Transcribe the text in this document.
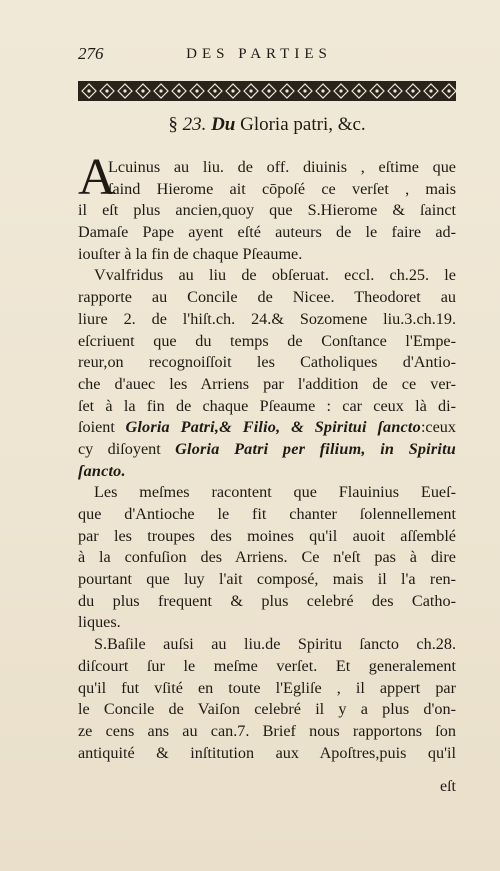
276	DES PARTIES
§ 23. Du Gloria patri, &c.
A
Lcuinus au liu. de off. diuinis , eſtime que
ſaind Hierome ait cōpoſé ce verſet , mais
il eſt plus ancien,quoy que S.Hierome & ſainct
Damaſe Pape ayent eſté auteurs de le faire ad-
iouſter à la fin de chaque Pſeaume.
Vvalfridus au liu de obſeruat. eccl. ch.25. le
rapporte au Concile de Nicee. Theodoret au
liure 2. de l'hiſt.ch. 24.& Sozomene liu.3.ch.19.
eſcriuent que du temps de Conſtance l'Empe-
reur,on recognoiſſoit les Catholiques d'Antio-
che d'auec les Arriens par l'addition de ce ver-
ſet à la fin de chaque Pſeaume : car ceux là di-
ſoient Gloria Patri,& Filio, & Spiritui ſancto:ceux
cy diſoyent Gloria Patri per filium, in Spiritu
ſancto.
Les meſmes racontent que Flauinius Eueſ-
que d'Antioche le fit chanter ſolennellement
par les troupes des moines qu'il auoit aſſemblé
à la confuſion des Arriens. Ce n'eſt pas à dire
pourtant que luy l'ait composé, mais il l'a ren-
du plus frequent & plus celebré des Catho-
liques.
S.Baſile auſsi au liu.de Spiritu ſancto ch.28.
diſcourt ſur le meſme verſet. Et generalement
qu'il fut vſité en toute l'Egliſe , il appert par
le Concile de Vaiſon celebré il y a plus d'on-
ze cens ans au can.7. Brief nous rapportons ſon
antiquité & inſtitution aux Apoſtres,puis qu'il
eſt
